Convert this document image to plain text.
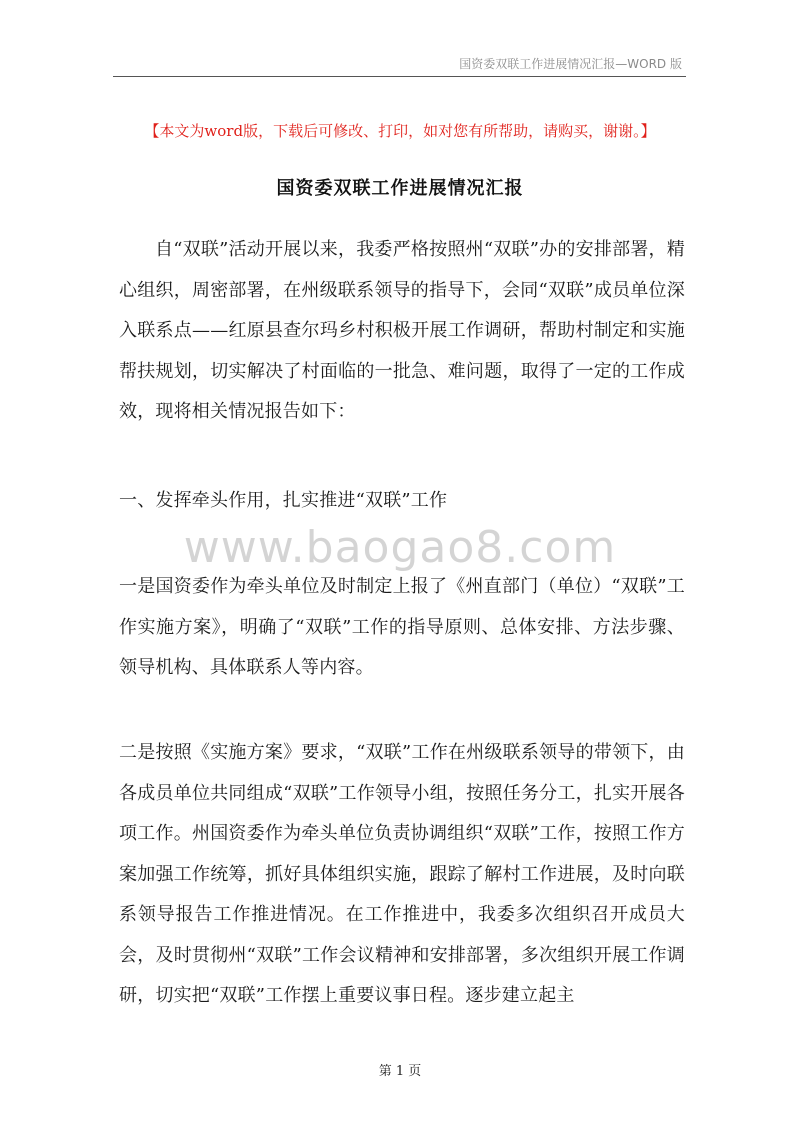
国资委双联工作进展情况汇报—WORD 版
【本文为word版，下载后可修改、打印，如对您有所帮助，请购买，谢谢。】
国资委双联工作进展情况汇报

自“双联”活动开展以来，我委严格按照州“双联”办的安排部署，精心组织，周密部署，在州级联系领导的指导下，会同“双联”成员单位深入联系点——红原县查尔玛乡村积极开展工作调研，帮助村制定和实施帮扶规划，切实解决了村面临的一批急、难问题，取得了一定的工作成效，现将相关情况报告如下：

一、发挥牵头作用，扎实推进“双联”工作

www.baogao8.com

一是国资委作为牵头单位及时制定上报了《州直部门（单位）“双联”工作实施方案》，明确了“双联”工作的指导原则、总体安排、方法步骤、领导机构、具体联系人等内容。

二是按照《实施方案》要求，“双联”工作在州级联系领导的带领下，由各成员单位共同组成“双联”工作领导小组，按照任务分工，扎实开展各项工作。州国资委作为牵头单位负责协调组织“双联”工作，按照工作方案加强工作统筹，抓好具体组织实施，跟踪了解村工作进展，及时向联系领导报告工作推进情况。在工作推进中，我委多次组织召开成员大会，及时贯彻州“双联”工作会议精神和安排部署，多次组织开展工作调研，切实把“双联”工作摆上重要议事日程。逐步建立起主

第 1 页
